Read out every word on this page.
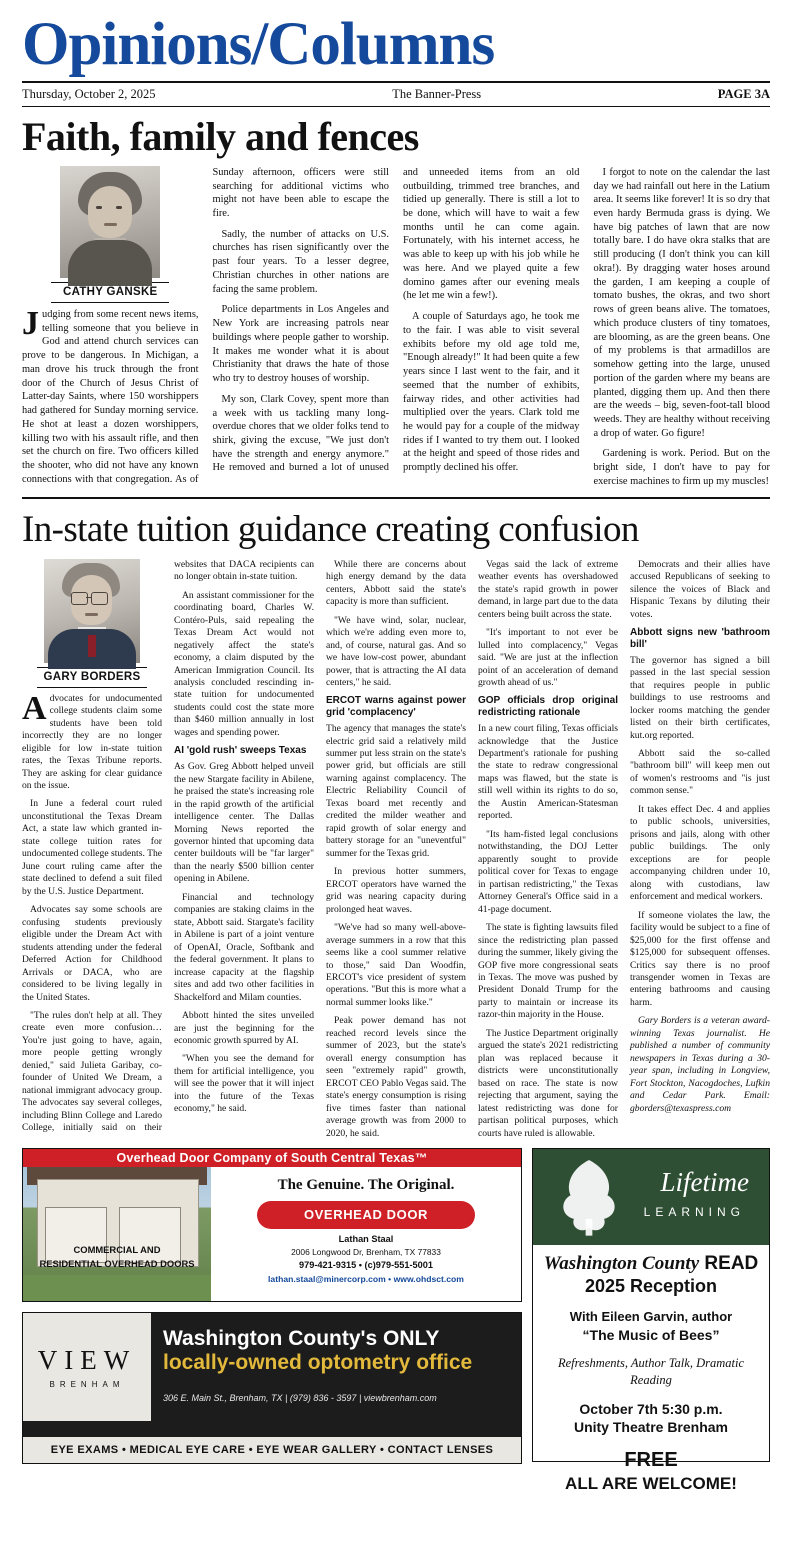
Opinions/Columns
Thursday, October 2, 2025	The Banner-Press	PAGE 3A
Faith, family and fences
CATHY GANSKE

Judging from some recent news items, telling someone that you believe in God and attend church services can prove to be dangerous. In Michigan, a man drove his truck through the front door of the Church of Jesus Christ of Latter-day Saints, where 150 worshippers had gathered for Sunday morning service. He shot at least a dozen worshippers, killing two with his assault rifle, and then set the church on fire. Two officers killed the shooter, who did not have any known connections with that congregation. As of Sunday afternoon, officers were still searching for additional victims who might not have been able to escape the fire.

Sadly, the number of attacks on U.S. churches has risen significantly over the past four years. To a lesser degree, Christian churches in other nations are facing the same problem.

Police departments in Los Angeles and New York are increasing patrols near buildings where people gather to worship. It makes me wonder what it is about Christianity that draws the hate of those who try to destroy houses of worship.

My son, Clark Covey, spent more than a week with us tackling many long-overdue chores that we older folks tend to shirk, giving the excuse, "We just don't have the strength and energy anymore." He removed and burned a lot of unused and unneeded items from an old outbuilding, trimmed tree branches, and tidied up generally. There is still a lot to be done, which will have to wait a few months until he can come again. Fortunately, with his internet access, he was able to keep up with his job while he was here. And we played quite a few domino games after our evening meals (he let me win a few!).

A couple of Saturdays ago, he took me to the fair. I was able to visit several exhibits before my old age told me, "Enough already!" It had been quite a few years since I last went to the fair, and it seemed that the number of exhibits, fairway rides, and other activities had multiplied over the years. Clark told me he would pay for a couple of the midway rides if I wanted to try them out. I looked at the height and speed of those rides and promptly declined his offer.

I forgot to note on the calendar the last day we had rainfall out here in the Latium area. It seems like forever! It is so dry that even hardy Bermuda grass is dying. We have big patches of lawn that are now totally bare. I do have okra stalks that are still producing (I don't think you can kill okra!). By dragging water hoses around the garden, I am keeping a couple of tomato bushes, the okras, and two short rows of green beans alive. The tomatoes, which produce clusters of tiny tomatoes, are blooming, as are the green beans. One of my problems is that armadillos are somehow getting into the large, unused portion of the garden where my beans are planted, digging them up. And then there are the weeds – big, seven-foot-tall blood weeds. They are healthy without receiving a drop of water. Go figure!

Gardening is work. Period. But on the bright side, I don't have to pay for exercise machines to firm up my muscles!

In-state tuition guidance creating confusion
GARY BORDERS

Advocates for undocumented college students claim some students have been told incorrectly they are no longer eligible for low in-state tuition rates, the Texas Tribune reports. They are asking for clear guidance on the issue.

In June a federal court ruled unconstitutional the Texas Dream Act, a state law which granted in-state college tuition rates for undocumented college students. The June court ruling came after the state declined to defend a suit filed by the U.S. Justice Department.

Advocates say some schools are confusing students previously eligible under the Dream Act with students attending under the federal Deferred Action for Childhood Arrivals or DACA, who are considered to be living legally in the United States.

"The rules don't help at all. They create even more confusion…You're just going to have, again, more people getting wrongly denied," said Julieta Garibay, co-founder of United We Dream, a national immigrant advocacy group. The advocates say several colleges, including Blinn College and Laredo College, initially said on their websites that DACA recipients can no longer obtain in-state tuition.

An assistant commissioner for the coordinating board, Charles W. Contéro-Puls, said repealing the Texas Dream Act would not negatively affect the state's economy, a claim disputed by the American Immigration Council. Its analysis concluded rescinding in-state tuition for undocumented students could cost the state more than $460 million annually in lost wages and spending power.

AI 'gold rush' sweeps Texas

As Gov. Greg Abbott helped unveil the new Stargate facility in Abilene, he praised the state's increasing role in the rapid growth of the artificial intelligence center. The Dallas Morning News reported the governor hinted that upcoming data center buildouts will be "far larger" than the nearly $500 billion center opening in Abilene.

Financial and technology companies are staking claims in the state, Abbott said. Stargate's facility in Abilene is part of a joint venture of OpenAI, Oracle, Softbank and the federal government. It plans to increase capacity at the flagship sites and add two other facilities in Shackelford and Milam counties.

Abbott hinted the sites unveiled are just the beginning for the economic growth spurred by AI.

"When you see the demand for them for artificial intelligence, you will see the power that it will inject into the future of the Texas economy," he said.

While there are concerns about high energy demand by the data centers, Abbott said the state's capacity is more than sufficient.

"We have wind, solar, nuclear, which we're adding even more to, and, of course, natural gas. And so we have low-cost power, abundant power, that is attracting the AI data centers," he said.

ERCOT warns against power grid 'complacency'

The agency that manages the state's electric grid said a relatively mild summer put less strain on the state's power grid, but officials are still warning against complacency. The Electric Reliability Council of Texas board met recently and credited the milder weather and rapid growth of solar energy and battery storage for an "uneventful" summer for the Texas grid.

In previous hotter summers, ERCOT operators have warned the grid was nearing capacity during prolonged heat waves.

"We've had so many well-above-average summers in a row that this seems like a cool summer relative to those," said Dan Woodfin, ERCOT's vice president of system operations. "But this is more what a normal summer looks like."

Peak power demand has not reached record levels since the summer of 2023, but the state's overall energy consumption has seen "extremely rapid" growth, ERCOT CEO Pablo Vegas said. The state's energy consumption is rising five times faster than national average growth was from 2000 to 2020, he said.

Vegas said the lack of extreme weather events has overshadowed the state's rapid growth in power demand, in large part due to the data centers being built across the state.

"It's important to not ever be lulled into complacency," Vegas said. "We are just at the inflection point of an acceleration of demand growth ahead of us."

GOP officials drop original redistricting rationale

In a new court filing, Texas officials acknowledge that the Justice Department's rationale for pushing the state to redraw congressional maps was flawed, but the state is still well within its rights to do so, the Austin American-Statesman reported.

"Its ham-fisted legal conclusions notwithstanding, the DOJ Letter apparently sought to provide political cover for Texas to engage in partisan redistricting," the Texas Attorney General's Office said in a 41-page document.

The state is fighting lawsuits filed since the redistricting plan passed during the summer, likely giving the GOP five more congressional seats in Texas. The move was pushed by President Donald Trump for the party to maintain or increase its razor-thin majority in the House.

The Justice Department originally argued the state's 2021 redistricting plan was replaced because it districts were unconstitutionally based on race. The state is now rejecting that argument, saying the latest redistricting was done for partisan political purposes, which courts have ruled is allowable.

Democrats and their allies have accused Republicans of seeking to silence the voices of Black and Hispanic Texans by diluting their votes.

Abbott signs new 'bathroom bill'

The governor has signed a bill passed in the last special session that requires people in public buildings to use restrooms and locker rooms matching the gender listed on their birth certificates, kut.org reported.

Abbott said the so-called "bathroom bill" will keep men out of women's restrooms and "is just common sense."

It takes effect Dec. 4 and applies to public schools, universities, prisons and jails, along with other public buildings. The only exceptions are for people accompanying children under 10, along with custodians, law enforcement and medical workers.

If someone violates the law, the facility would be subject to a fine of $25,000 for the first offense and $125,000 for subsequent offenses. Critics say there is no proof transgender women in Texas are entering bathrooms and causing harm.

Gary Borders is a veteran award-winning Texas journalist. He published a number of community newspapers in Texas during a 30-year span, including in Longview, Fort Stockton, Nacogdoches, Lufkin and Cedar Park. Email: gborders@texaspress.com

Overhead Door Company of South Central Texas™
The Genuine. The Original.
OVERHEAD DOOR
Lathan Staal
2006 Longwood Dr, Brenham, TX 77833
979-421-9315 • (c)979-551-5001
lathan.staal@minercorp.com • www.ohdsct.com
COMMERCIAL AND
RESIDENTIAL OVERHEAD DOORS
VIEW
BRENHAM
Washington County's ONLY
locally-owned optometry office
306 E. Main St., Brenham, TX | (979) 836 - 3597 | viewbrenham.com
EYE EXAMS • MEDICAL EYE CARE • EYE WEAR GALLERY • CONTACT LENSES
Lifetime
LEARNING
Washington County READ
2025 Reception
With Eileen Garvin, author
“The Music of Bees”
Refreshments, Author Talk, Dramatic Reading
October 7th 5:30 p.m.
Unity Theatre Brenham
FREE
ALL ARE WELCOME!
